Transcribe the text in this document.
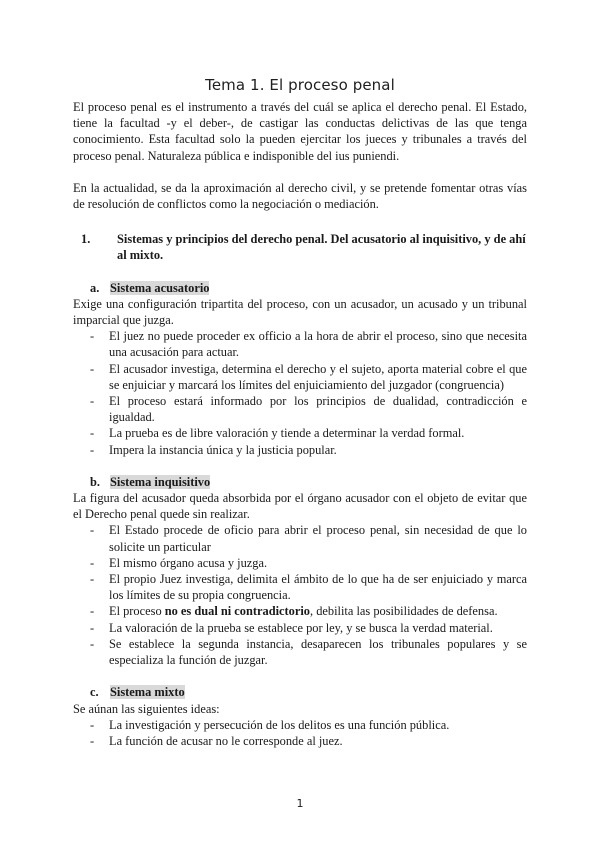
Tema 1. El proceso penal

El proceso penal es el instrumento a través del cuál se aplica el derecho penal. El Estado, tiene la facultad -y el deber-, de castigar las conductas delictivas de las que tenga conocimiento. Esta facultad solo la pueden ejercitar los jueces y tribunales a través del proceso penal. Naturaleza pública e indisponible del ius puniendi.

En la actualidad, se da la aproximación al derecho civil, y se pretende fomentar otras vías de resolución de conflictos como la negociación o mediación.

1.	Sistemas y principios del derecho penal. Del acusatorio al inquisitivo, y de ahí al mixto.
a. Sistema acusatorio

Exige una configuración tripartita del proceso, con un acusador, un acusado y un tribunal imparcial que juzga.

-	El juez no puede proceder ex officio a la hora de abrir el proceso, sino que necesita una acusación para actuar.
-	El acusador investiga, determina el derecho y el sujeto, aporta material cobre el que se enjuiciar y marcará los límites del enjuiciamiento del juzgador (congruencia)
-	El proceso estará informado por los principios de dualidad, contradicción e igualdad.
-	La prueba es de libre valoración y tiende a determinar la verdad formal.
-	Impera la instancia única y la justicia popular.
b. Sistema inquisitivo

La figura del acusador queda absorbida por el órgano acusador con el objeto de evitar que el Derecho penal quede sin realizar.

-	El Estado procede de oficio para abrir el proceso penal, sin necesidad de que lo solicite un particular
-	El mismo órgano acusa y juzga.
-	El propio Juez investiga, delimita el ámbito de lo que ha de ser enjuiciado y marca los límites de su propia congruencia.
-	El proceso no es dual ni contradictorio, debilita las posibilidades de defensa.
-	La valoración de la prueba se establece por ley, y se busca la verdad material.
-	Se establece la segunda instancia, desaparecen los tribunales populares y se especializa la función de juzgar.
c. Sistema mixto

Se aúnan las siguientes ideas:

-	La investigación y persecución de los delitos es una función pública.
-	La función de acusar no le corresponde al juez.
1
